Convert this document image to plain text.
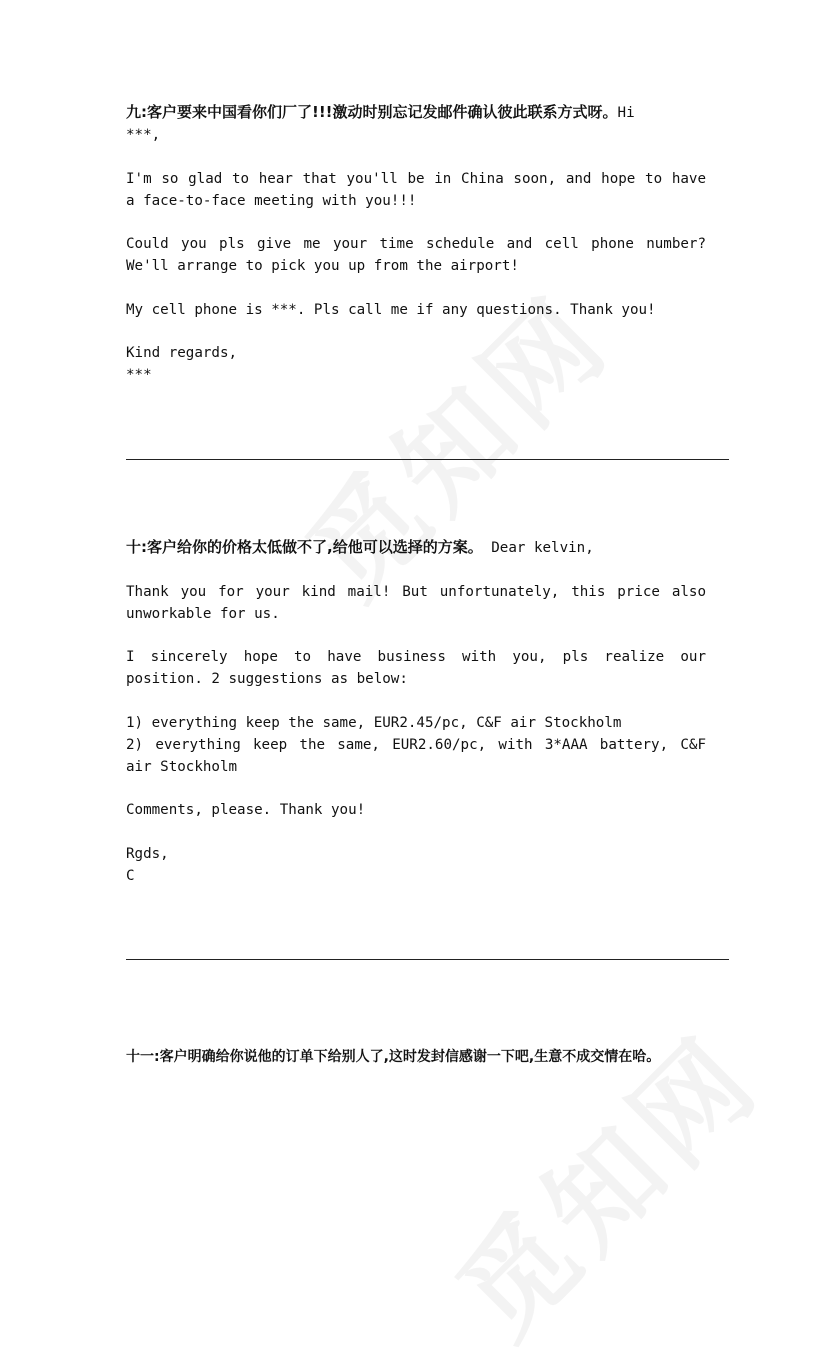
九:客户要来中国看你们厂了!!!激动时别忘记发邮件确认彼此联系方式呀。Hi

***,

I'm so glad to hear that you'll be in China soon, and hope to have a face-to-face meeting with you!!!

Could you pls give me your time schedule and cell phone number? We'll arrange to pick you up from the airport!

My cell phone is ***. Pls call me if any questions. Thank you!

Kind regards,

***

十:客户给你的价格太低做不了,给他可以选择的方案。 Dear kelvin,

Thank you for your kind mail! But unfortunately, this price also unworkable for us.

I sincerely hope to have business with you, pls realize our position. 2 suggestions as below:

1) everything keep the same, EUR2.45/pc, C&F air Stockholm

2) everything keep the same, EUR2.60/pc, with 3*AAA battery, C&F air Stockholm

Comments, please. Thank you!

Rgds,

C

十一:客户明确给你说他的订单下给别人了,这时发封信感谢一下吧,生意不成交情在哈。
